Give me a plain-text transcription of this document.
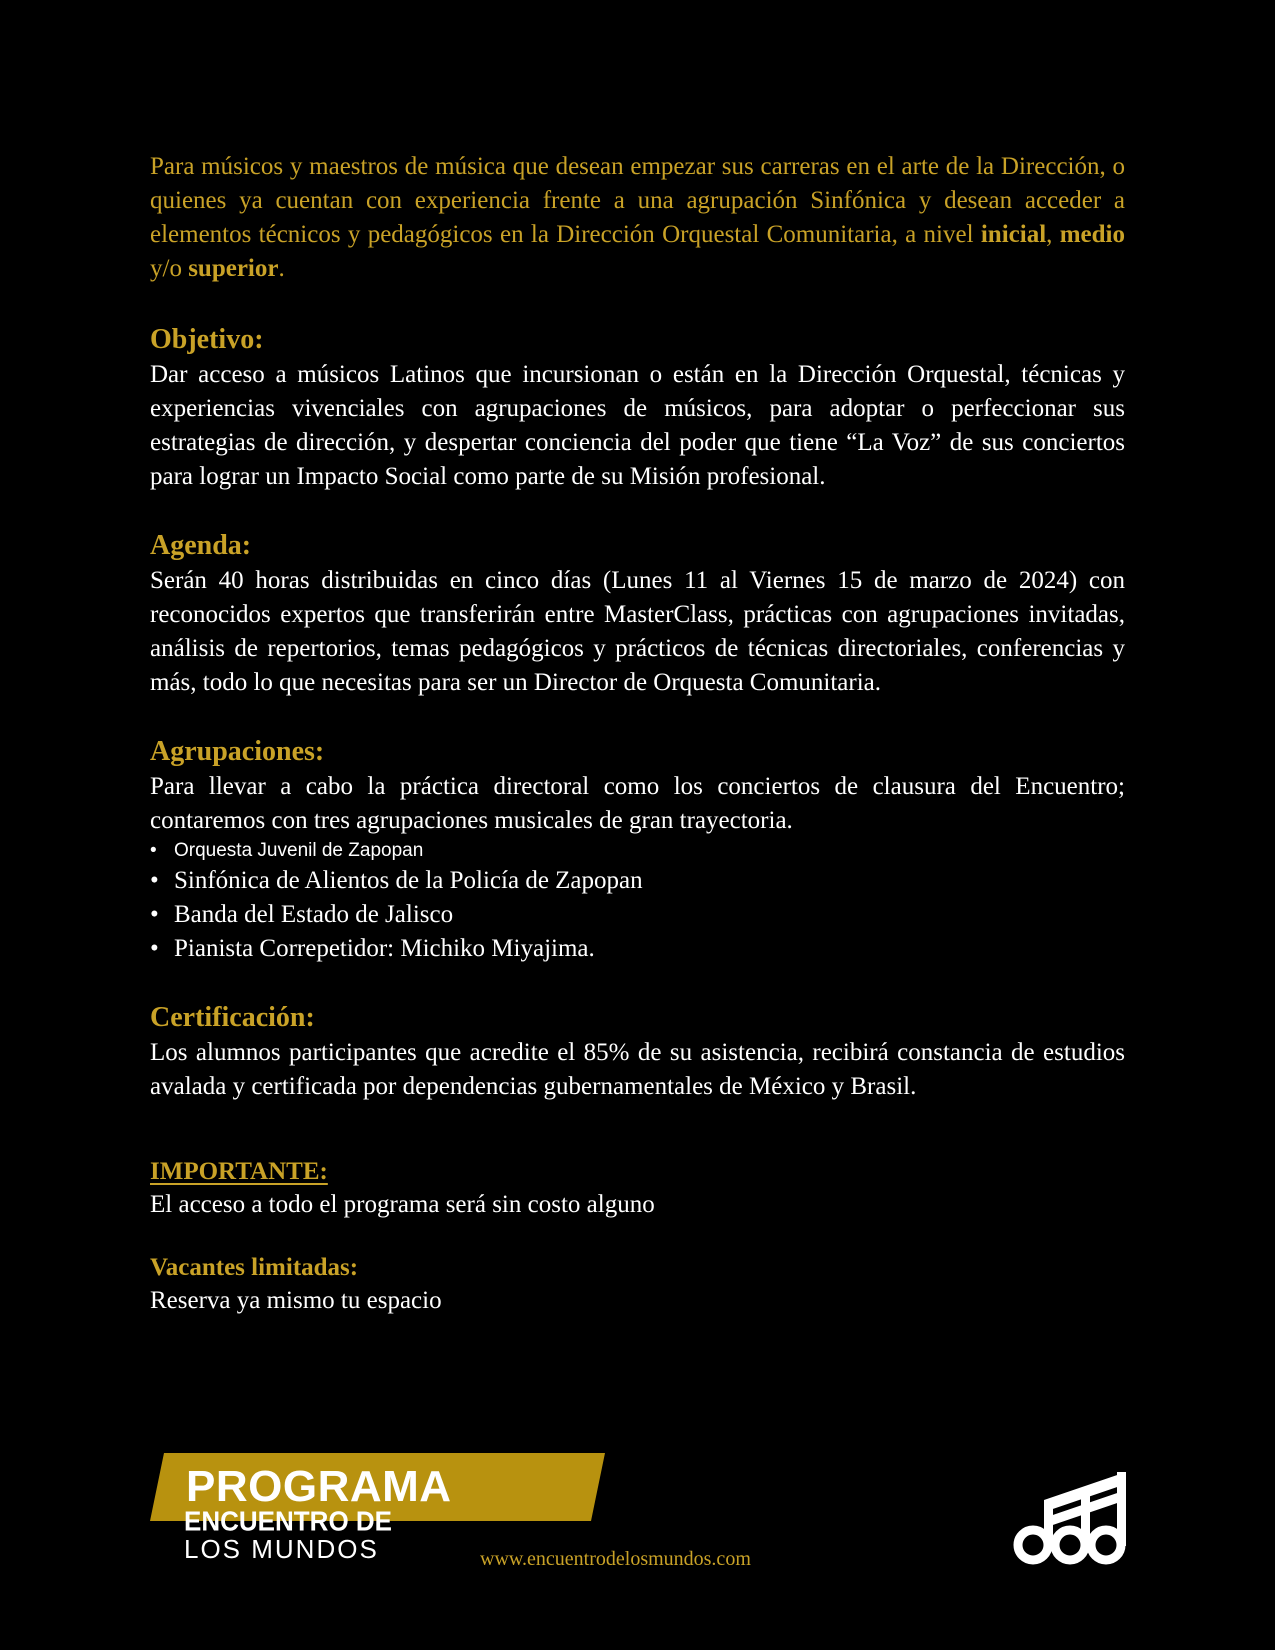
Para músicos y maestros de música que desean empezar sus carreras en el arte de la Dirección, o quienes ya cuentan con experiencia frente a una agrupación Sinfónica y desean acceder a elementos técnicos y pedagógicos en la Dirección Orquestal Comunitaria, a nivel inicial, medio y/o superior.

Objetivo:

Dar acceso a músicos Latinos que incursionan o están en la Dirección Orquestal, técnicas y experiencias vivenciales con agrupaciones de músicos, para adoptar o perfeccionar sus estrategias de dirección, y despertar conciencia del poder que tiene “La Voz” de sus conciertos para lograr un Impacto Social como parte de su Misión profesional.

Agenda:

Serán 40 horas distribuidas en cinco días (Lunes 11 al Viernes 15 de marzo de 2024) con reconocidos expertos que transferirán entre MasterClass, prácticas con agrupaciones invitadas, análisis de repertorios, temas pedagógicos y prácticos de técnicas directoriales, conferencias y más, todo lo que necesitas para ser un Director de Orquesta Comunitaria.

Agrupaciones:

Para llevar a cabo la práctica directoral como los conciertos de clausura del Encuentro; contaremos con tres agrupaciones musicales de gran trayectoria.

• Orquesta Juvenil de Zapopan
• Sinfónica de Alientos de la Policía de Zapopan
• Banda del Estado de Jalisco
• Pianista Correpetidor: Michiko Miyajima.
Certificación:

Los alumnos participantes que acredite el 85% de su asistencia, recibirá constancia de estudios avalada y certificada por dependencias gubernamentales de México y Brasil.

IMPORTANTE:

El acceso a todo el programa será sin costo alguno

Vacantes limitadas:

Reserva ya mismo tu espacio

PROGRAMA
ENCUENTRO DE
LOS MUNDOS	www.encuentrodelosmundos.com
